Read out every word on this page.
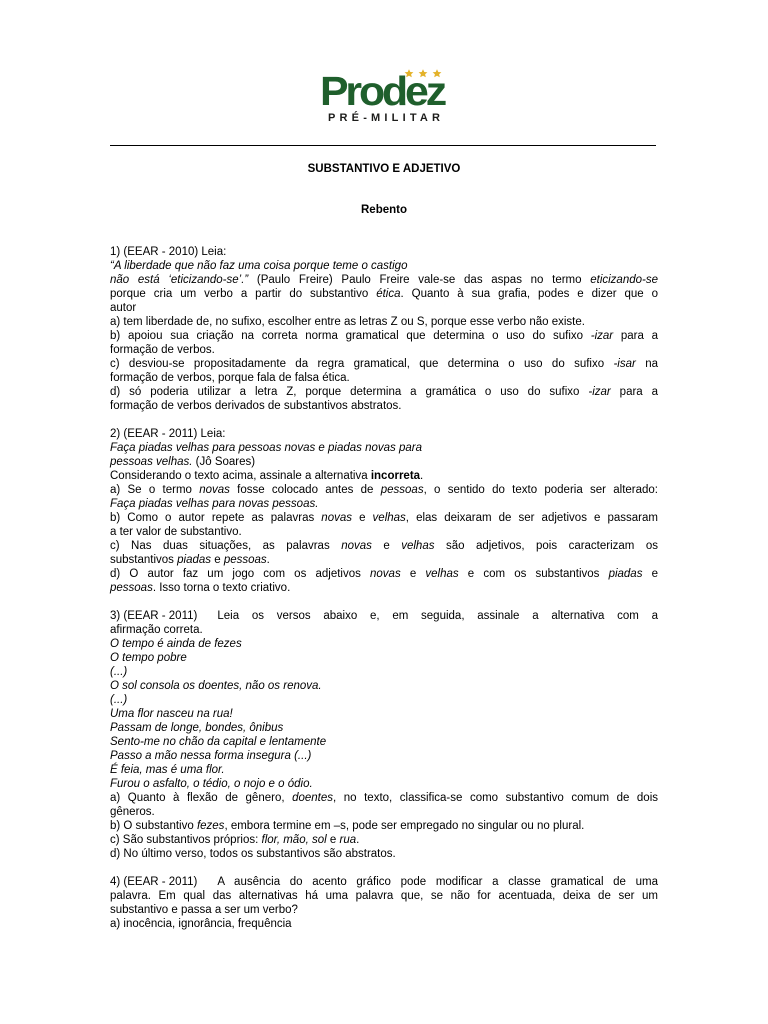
Prodez
PRÉ-MILITAR
SUBSTANTIVO E ADJETIVO
Rebento
1) (EEAR - 2010) Leia:
“A liberdade que não faz uma coisa porque teme o castigo
não está ‘eticizando-se’.” (Paulo Freire) Paulo Freire vale-se das aspas no termo eticizando-se
porque cria um verbo a partir do substantivo ética. Quanto à sua grafia, podes e dizer que o
autor
a) tem liberdade de, no sufixo, escolher entre as letras Z ou S, porque esse verbo não existe.
b) apoiou sua criação na correta norma gramatical que determina o uso do sufixo -izar para a
formação de verbos.
c) desviou-se propositadamente da regra gramatical, que determina o uso do sufixo -isar na
formação de verbos, porque fala de falsa ética.
d) só poderia utilizar a letra Z, porque determina a gramática o uso do sufixo -izar para a
formação de verbos derivados de substantivos abstratos.
2) (EEAR - 2011) Leia:
Faça piadas velhas para pessoas novas e piadas novas para
pessoas velhas. (Jô Soares)
Considerando o texto acima, assinale a alternativa incorreta.
a) Se o termo novas fosse colocado antes de pessoas, o sentido do texto poderia ser alterado:
Faça piadas velhas para novas pessoas.
b) Como o autor repete as palavras novas e velhas, elas deixaram de ser adjetivos e passaram
a ter valor de substantivo.
c) Nas duas situações, as palavras novas e velhas são adjetivos, pois caracterizam os
substantivos piadas e pessoas.
d) O autor faz um jogo com os adjetivos novas e velhas e com os substantivos piadas e
pessoas. Isso torna o texto criativo.
3) (EEAR - 2011) Leia os versos abaixo e, em seguida, assinale a alternativa com a
afirmação correta.
O tempo é ainda de fezes
O tempo pobre
(...)
O sol consola os doentes, não os renova.
(...)
Uma flor nasceu na rua!
Passam de longe, bondes, ônibus
Sento-me no chão da capital e lentamente
Passo a mão nessa forma insegura (...)
É feia, mas é uma flor.
Furou o asfalto, o tédio, o nojo e o ódio.
a) Quanto à flexão de gênero, doentes, no texto, classifica-se como substantivo comum de dois
gêneros.
b) O substantivo fezes, embora termine em –s, pode ser empregado no singular ou no plural.
c) São substantivos próprios: flor, mão, sol e rua.
d) No último verso, todos os substantivos são abstratos.
4) (EEAR - 2011) A ausência do acento gráfico pode modificar a classe gramatical de uma
palavra. Em qual das alternativas há uma palavra que, se não for acentuada, deixa de ser um
substantivo e passa a ser um verbo?
a) inocência, ignorância, frequência
